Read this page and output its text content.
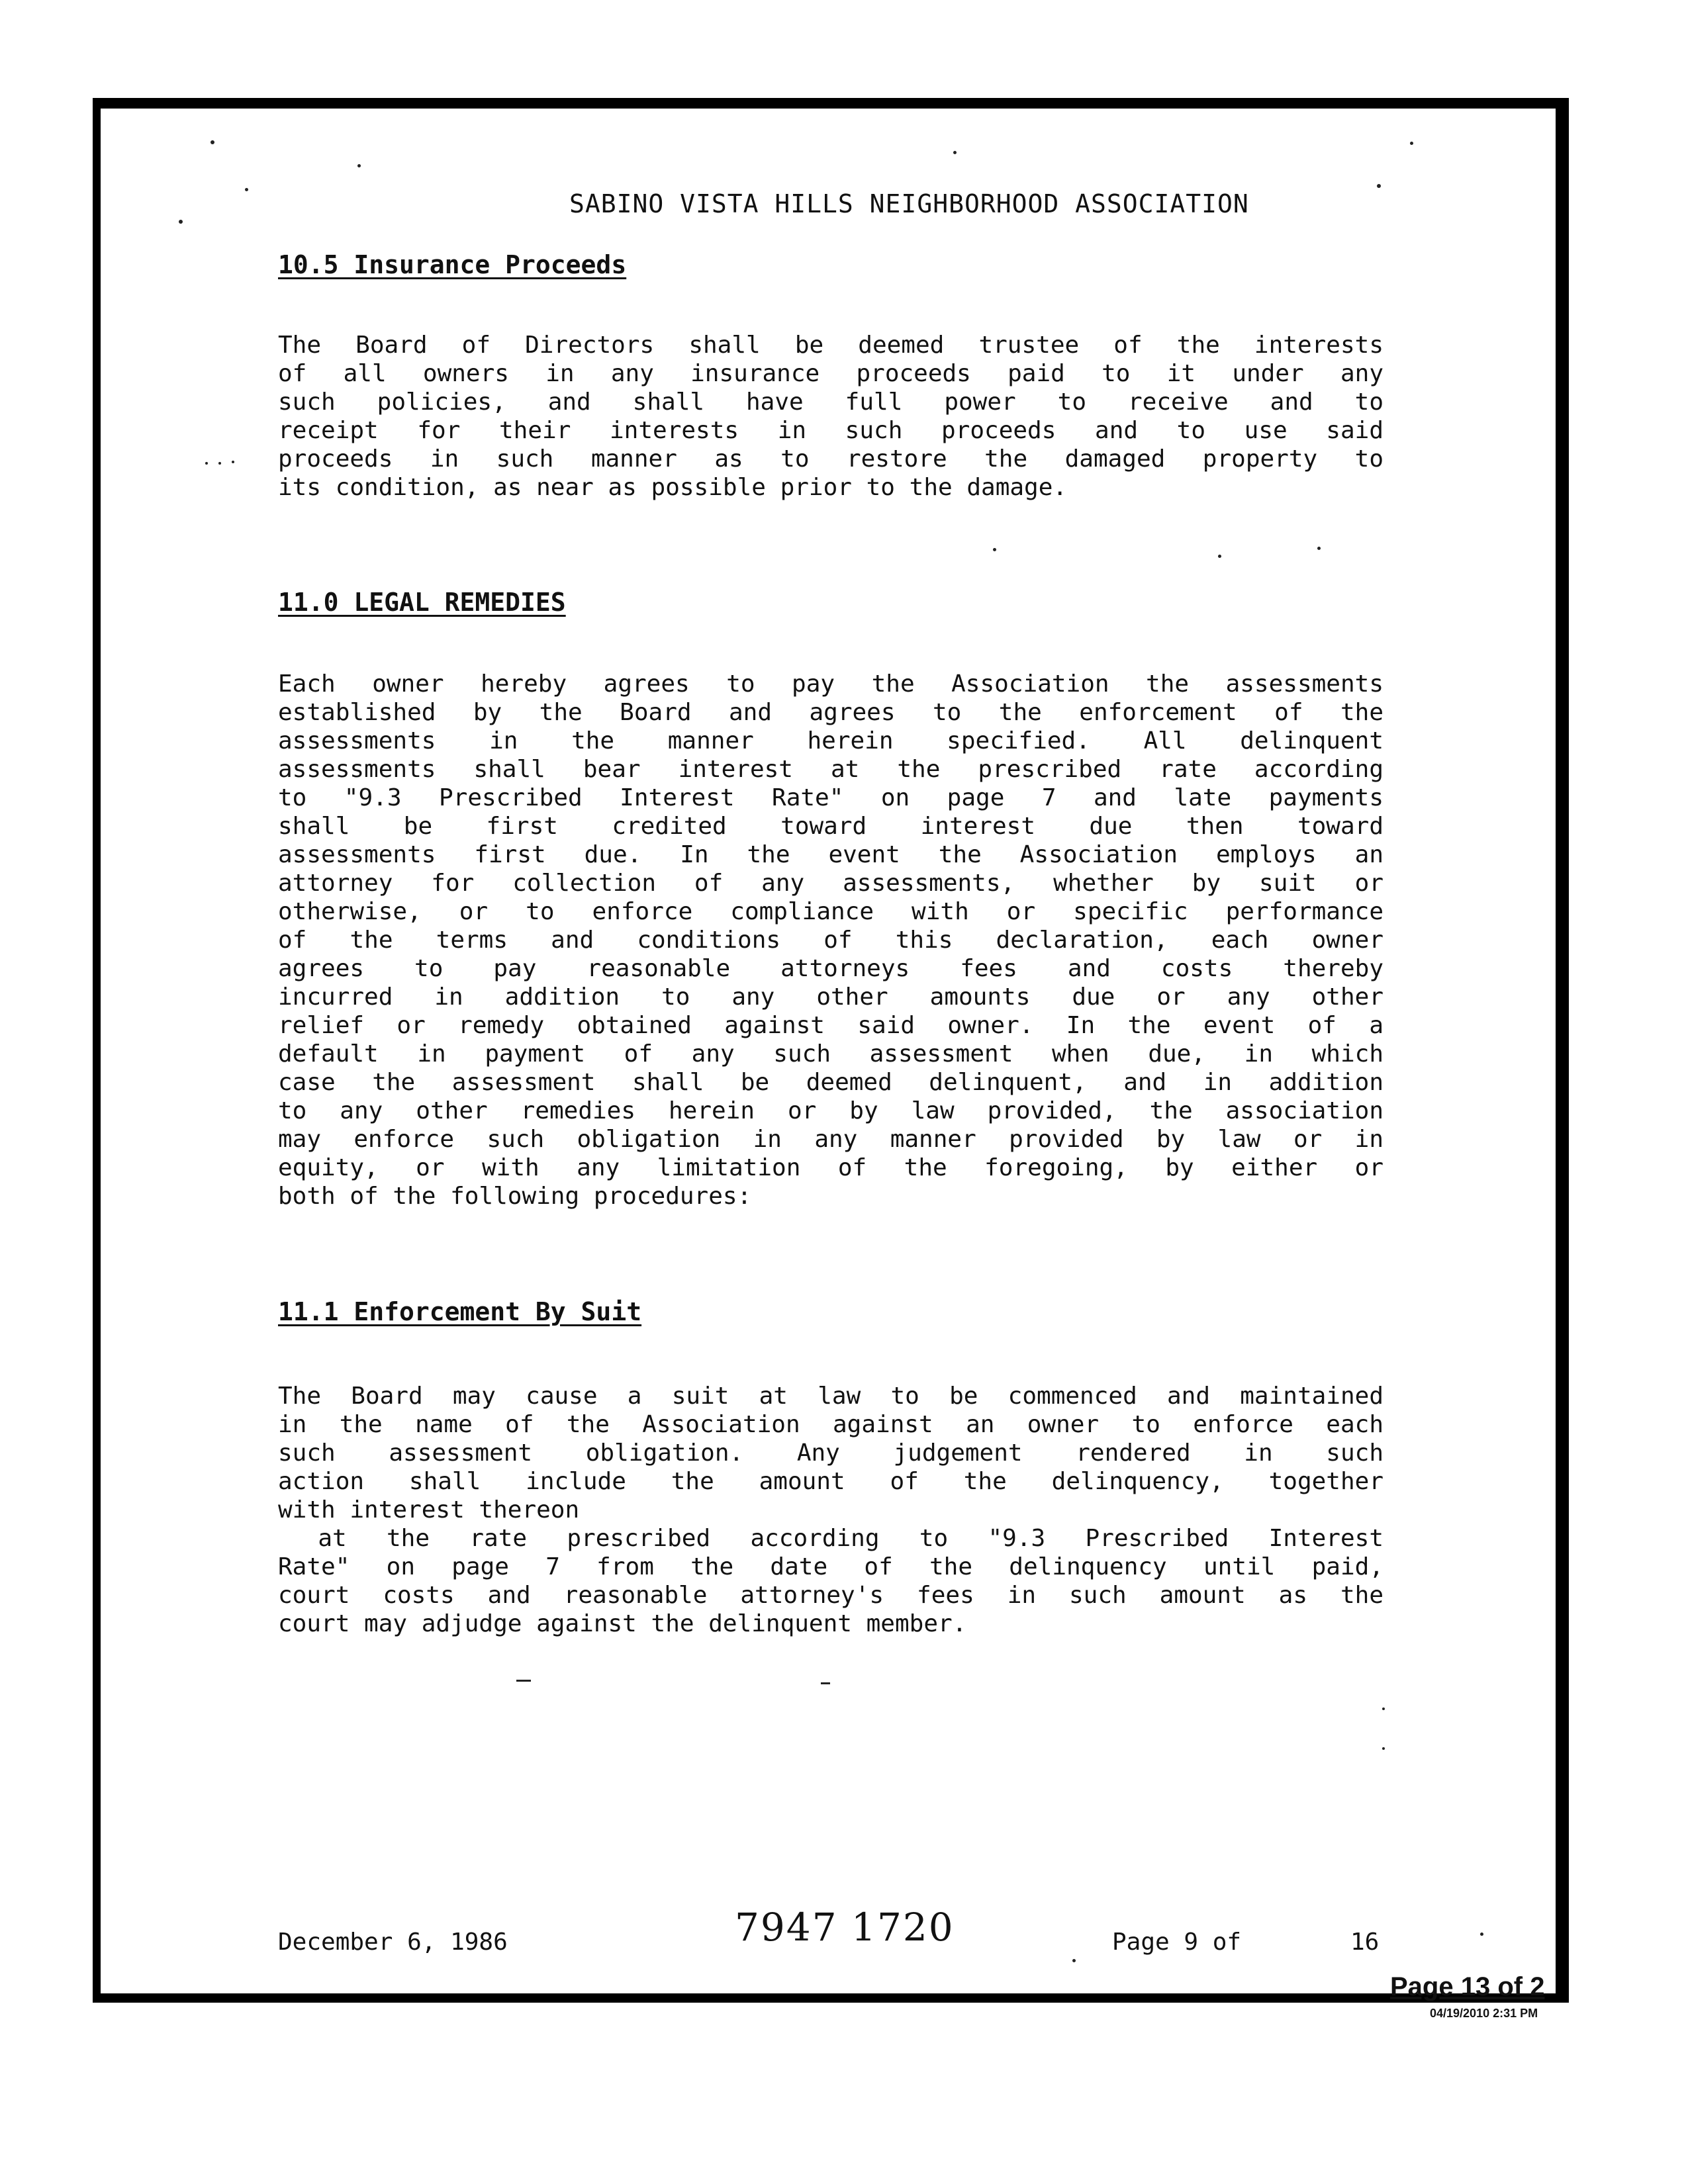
SABINO VISTA HILLS NEIGHBORHOOD ASSOCIATION
10.5 Insurance Proceeds
The Board of Directors shall be deemed trustee of the interests
of all owners in any insurance proceeds paid to it under any
such policies, and shall have full power to receive and to
receipt for their interests in such proceeds and to use said
proceeds in such manner as to restore the damaged property to
its condition, as near as possible prior to the damage.
11.0 LEGAL REMEDIES
Each owner hereby agrees to pay the Association the assessments
established by the Board and agrees to the enforcement of the
assessments in the manner herein specified. All delinquent
assessments shall bear interest at the prescribed rate according
to "9.3 Prescribed Interest Rate" on page 7 and late payments
shall be first credited toward interest due then toward
assessments first due. In the event the Association employs an
attorney for collection of any assessments, whether by suit or
otherwise, or to enforce compliance with or specific performance
of the terms and conditions of this declaration, each owner
agrees to pay reasonable attorneys fees and costs thereby
incurred in addition to any other amounts due or any other
relief or remedy obtained against said owner. In the event of a
default in payment of any such assessment when due, in which
case the assessment shall be deemed delinquent, and in addition
to any other remedies herein or by law provided, the association
may enforce such obligation in any manner provided by law or in
equity, or with any limitation of the foregoing, by either or
both of the following procedures:
11.1 Enforcement By Suit
The Board may cause a suit at law to be commenced and maintained
in the name of the Association against an owner to enforce each
such assessment obligation. Any judgement rendered in such
action shall include the amount of the delinquency, together
with interest thereon
at the rate prescribed according to "9.3 Prescribed Interest
Rate" on page 7 from the date of the delinquency until paid,
court costs and reasonable attorney's fees in such amount as the
court may adjudge against the delinquent member.
December 6, 1986	7947 1720	Page 9 of	16
Page 13 of 2
04/19/2010 2:31 PM
